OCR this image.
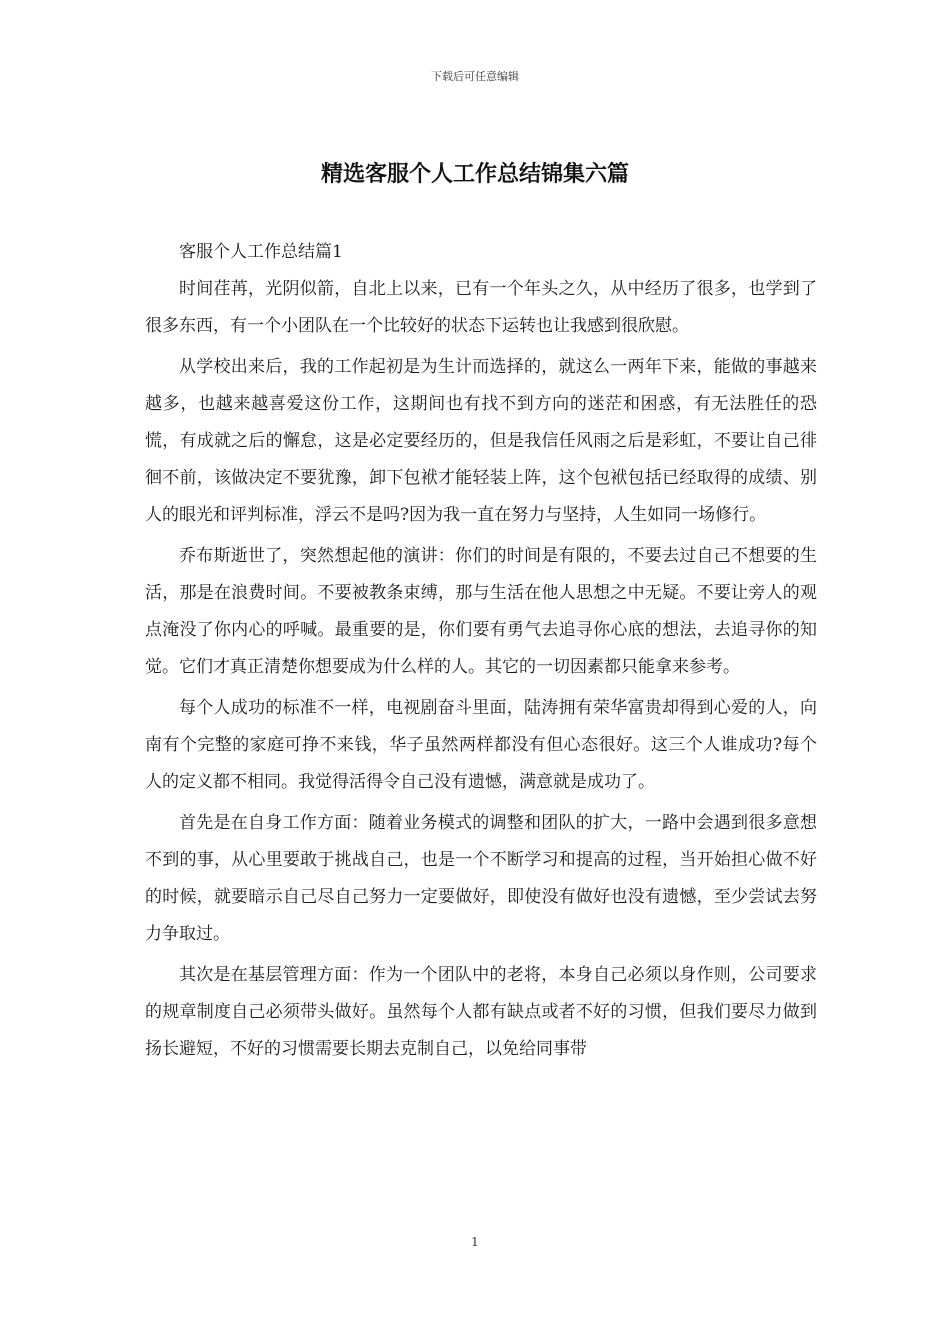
下载后可任意编辑
精选客服个人工作总结锦集六篇

客服个人工作总结篇1

时间荏苒，光阴似箭，自北上以来，已有一个年头之久，从中经历了很多，也学到了很多东西，有一个小团队在一个比较好的状态下运转也让我感到很欣慰。

从学校出来后，我的工作起初是为生计而选择的，就这么一两年下来，能做的事越来越多，也越来越喜爱这份工作，这期间也有找不到方向的迷茫和困惑，有无法胜任的恐慌，有成就之后的懈怠，这是必定要经历的，但是我信任风雨之后是彩虹，不要让自己徘徊不前，该做决定不要犹豫，卸下包袱才能轻装上阵，这个包袱包括已经取得的成绩、别人的眼光和评判标准，浮云不是吗?因为我一直在努力与坚持，人生如同一场修行。

乔布斯逝世了，突然想起他的演讲：你们的时间是有限的，不要去过自己不想要的生活，那是在浪费时间。不要被教条束缚，那与生活在他人思想之中无疑。不要让旁人的观点淹没了你内心的呼喊。最重要的是，你们要有勇气去追寻你心底的想法，去追寻你的知觉。它们才真正清楚你想要成为什么样的人。其它的一切因素都只能拿来参考。

每个人成功的标准不一样，电视剧奋斗里面，陆涛拥有荣华富贵却得到心爱的人，向南有个完整的家庭可挣不来钱，华子虽然两样都没有但心态很好。这三个人谁成功?每个人的定义都不相同。我觉得活得令自己没有遗憾，满意就是成功了。

首先是在自身工作方面：随着业务模式的调整和团队的扩大，一路中会遇到很多意想不到的事，从心里要敢于挑战自己，也是一个不断学习和提高的过程，当开始担心做不好的时候，就要暗示自己尽自己努力一定要做好，即使没有做好也没有遗憾，至少尝试去努力争取过。

其次是在基层管理方面：作为一个团队中的老将，本身自己必须以身作则，公司要求的规章制度自己必须带头做好。虽然每个人都有缺点或者不好的习惯，但我们要尽力做到扬长避短，不好的习惯需要长期去克制自己，以免给同事带

1
